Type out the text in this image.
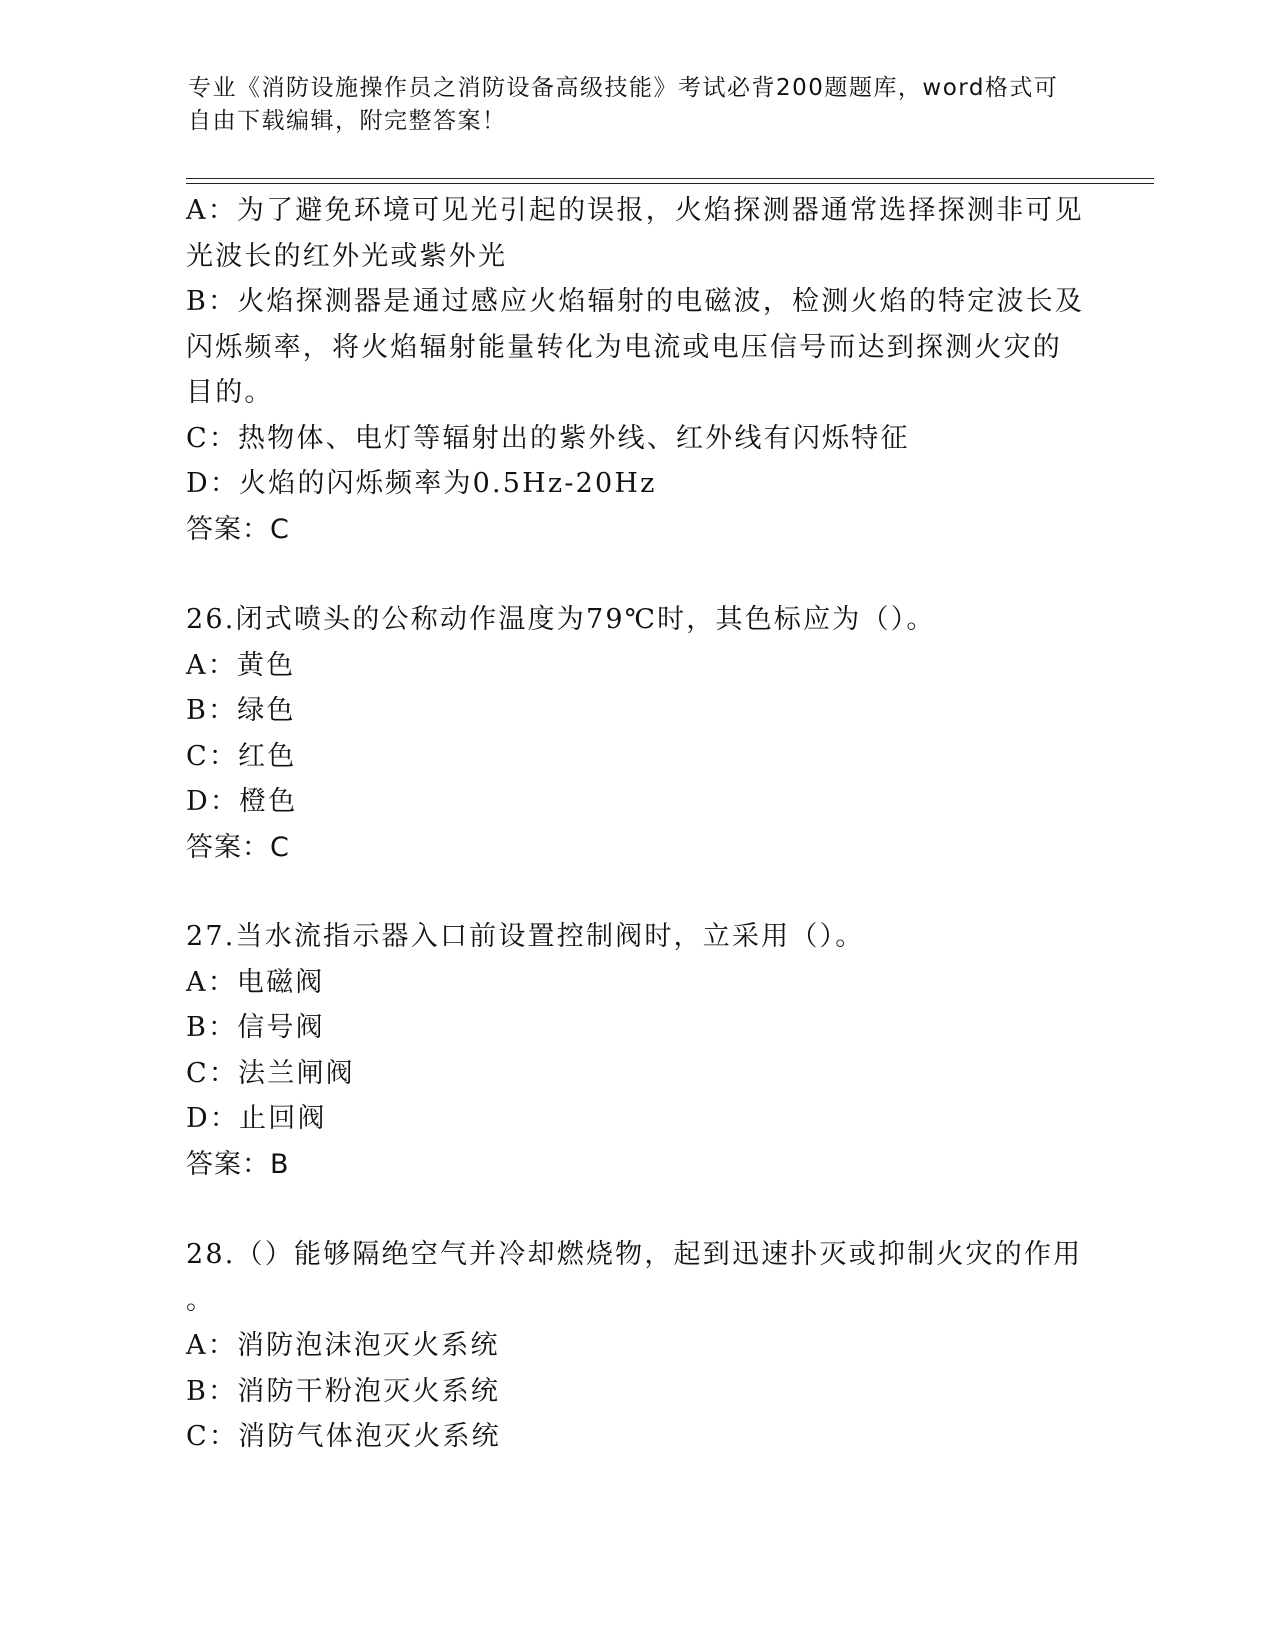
专业《消防设施操作员之消防设备高级技能》考试必背200题题库，word格式可
自由下载编辑，附完整答案！
A：为了避免环境可见光引起的误报，火焰探测器通常选择探测非可见
光波长的红外光或紫外光
B：火焰探测器是通过感应火焰辐射的电磁波，检测火焰的特定波长及
闪烁频率，将火焰辐射能量转化为电流或电压信号而达到探测火灾的
目的。
C：热物体、电灯等辐射出的紫外线、红外线有闪烁特征
D：火焰的闪烁频率为0.5Hz-20Hz
答案：C
26.闭式喷头的公称动作温度为79℃时，其色标应为（）。
A：黄色
B：绿色
C：红色
D：橙色
答案：C
27.当水流指示器入口前设置控制阀时，立采用（）。
A：电磁阀
B：信号阀
C：法兰闸阀
D：止回阀
答案：B
28.（）能够隔绝空气并冷却燃烧物，起到迅速扑灭或抑制火灾的作用
。
A：消防泡沫泡灭火系统
B：消防干粉泡灭火系统
C：消防气体泡灭火系统
